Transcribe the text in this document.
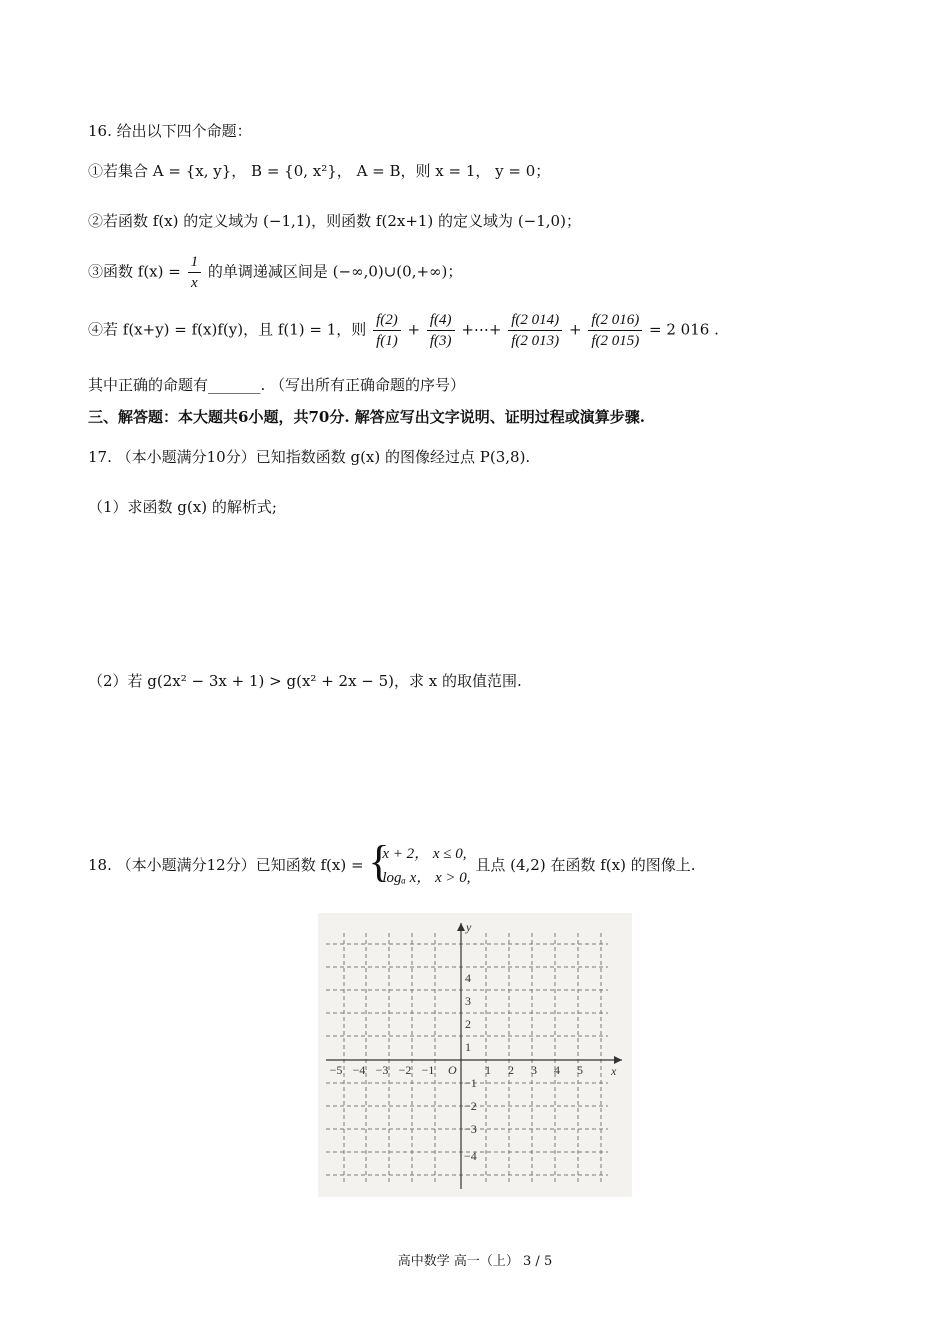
16. 给出以下四个命题：
①若集合 A = {x, y}， B = {0, x²}， A = B，则 x = 1， y = 0；
②若函数 f(x) 的定义域为 (−1,1)，则函数 f(2x+1) 的定义域为 (−1,0)；
③函数 $f(x) = \frac{1}{x}$ 的单调递减区间是 (−∞,0)∪(0,+∞)；
④若 f(x+y) = f(x)f(y)，且 f(1) = 1，则 $\frac{f(2)}{f(1)} + \frac{f(4)}{f(3)}$ +⋯+ $\frac{f(2 014)}{f(2 013)} + \frac{f(2 016)}{f(2 015)} = 2$ 016 .
其中正确的命题有_______. （写出所有正确命题的序号）
三、解答题：本大题共6小题，共70分. 解答应写出文字说明、证明过程或演算步骤.
17. （本小题满分10分）已知指数函数 g(x) 的图像经过点 P(3,8).
（1）求函数 g(x) 的解析式;
（2）若 g(2x² − 3x + 1) > g(x² + 2x − 5)，求 x 的取值范围.
18. （本小题满分12分）已知函数 f(x) = {
x + 2， x ≤ 0,
logₐ x， x > 0,
且点 (4,2) 在函数 f(x) 的图像上.
x
y
O
−5 −4 −3 −2 −1	1 2 3 4 5
4
3
2
1
−1
−2
−3
−4
高中数学 高一（上） 3 / 5
